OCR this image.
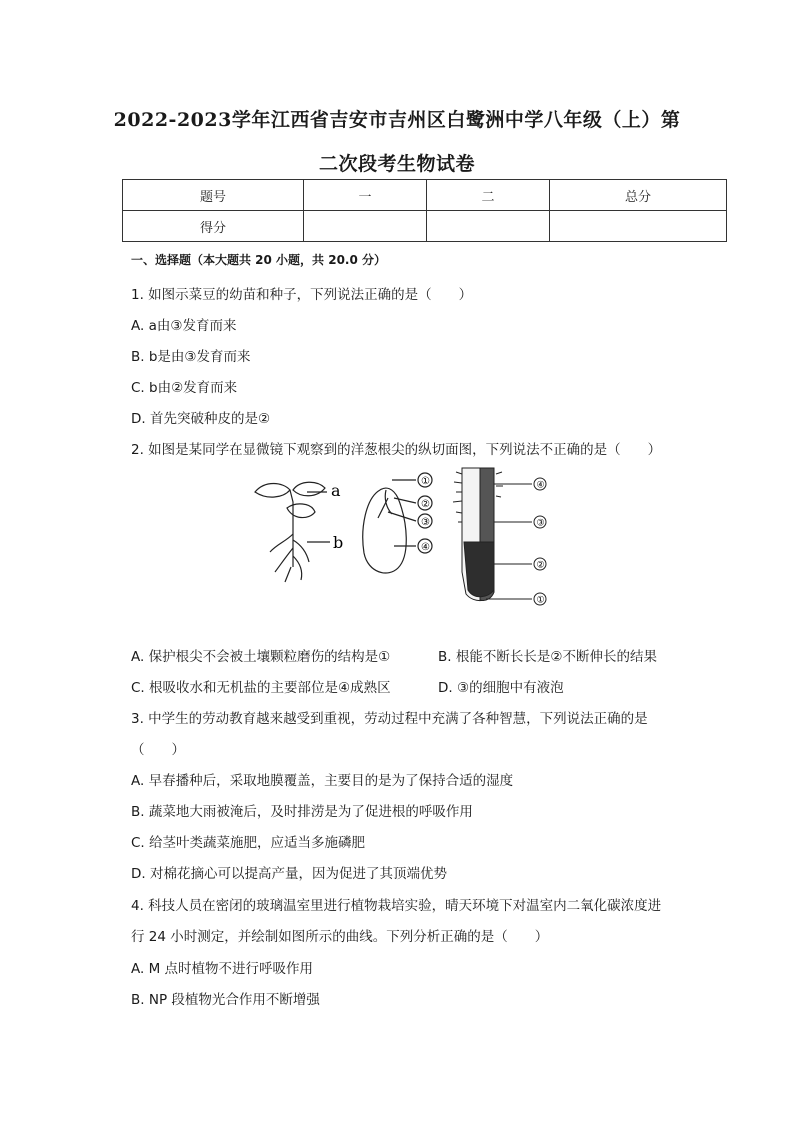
2022-2023学年江西省吉安市吉州区白鹭洲中学八年级（上）第
二次段考生物试卷
题号	一	二	总分
得分			
一、选择题（本大题共 20 小题，共 20.0 分）
1. 如图示菜豆的幼苗和种子，下列说法正确的是（　　）
A. a由③发育而来
B. b是由③发育而来
C. b由②发育而来
D. 首先突破种皮的是②
2. 如图是某同学在显微镜下观察到的洋葱根尖的纵切面图，下列说法不正确的是（　　）
a
b
①
②
③
④
④
③
②
①
A. 保护根尖不会被土壤颗粒磨伤的结构是①	B. 根能不断长长是②不断伸长的结果
C. 根吸收水和无机盐的主要部位是④成熟区	D. ③的细胞中有液泡
3. 中学生的劳动教育越来越受到重视，劳动过程中充满了各种智慧，下列说法正确的是
（　　）
A. 早春播种后，采取地膜覆盖，主要目的是为了保持合适的湿度
B. 蔬菜地大雨被淹后，及时排涝是为了促进根的呼吸作用
C. 给茎叶类蔬菜施肥，应适当多施磷肥
D. 对棉花摘心可以提高产量，因为促进了其顶端优势
4. 科技人员在密闭的玻璃温室里进行植物栽培实验，晴天环境下对温室内二氧化碳浓度进
行 24 小时测定，并绘制如图所示的曲线。下列分析正确的是（　　）
A. M 点时植物不进行呼吸作用
B. NP 段植物光合作用不断增强
